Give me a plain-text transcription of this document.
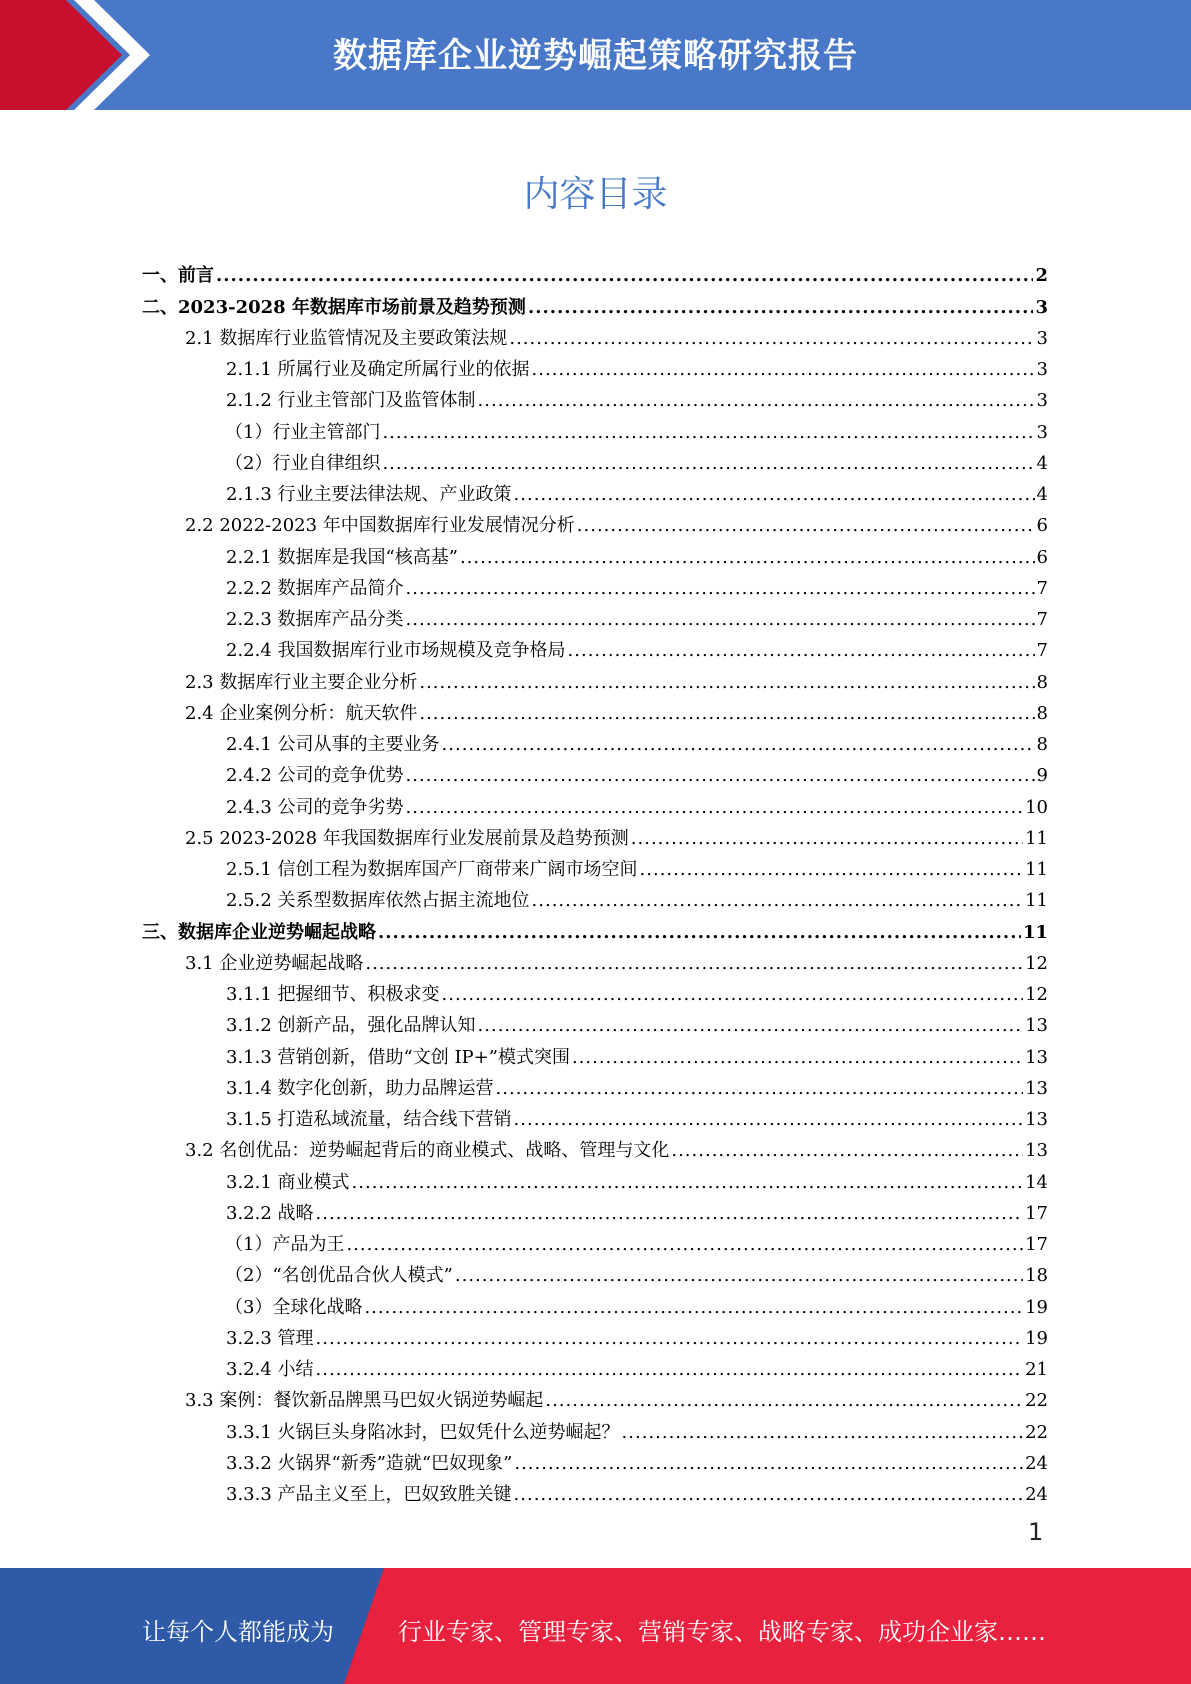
数据库企业逆势崛起策略研究报告
内容目录
一、前言 .....	2
二、2023-2028 年数据库市场前景及趋势预测 .....	3
2.1 数据库行业监管情况及主要政策法规 .....	3
2.1.1 所属行业及确定所属行业的依据 .....	3
2.1.2 行业主管部门及监管体制 .....	3
（1）行业主管部门 .....	3
（2）行业自律组织 .....	4
2.1.3 行业主要法律法规、产业政策 .....	4
2.2 2022-2023 年中国数据库行业发展情况分析 .....	6
2.2.1 数据库是我国“核高基” .....	6
2.2.2 数据库产品简介 .....	7
2.2.3 数据库产品分类 .....	7
2.2.4 我国数据库行业市场规模及竞争格局 .....	7
2.3 数据库行业主要企业分析 .....	8
2.4 企业案例分析：航天软件 .....	8
2.4.1 公司从事的主要业务 .....	8
2.4.2 公司的竞争优势 .....	9
2.4.3 公司的竞争劣势 .....	10
2.5 2023-2028 年我国数据库行业发展前景及趋势预测 .....	11
2.5.1 信创工程为数据库国产厂商带来广阔市场空间 .....	11
2.5.2 关系型数据库依然占据主流地位 .....	11
三、数据库企业逆势崛起战略 .....	11
3.1 企业逆势崛起战略 .....	12
3.1.1 把握细节、积极求变 .....	12
3.1.2 创新产品，强化品牌认知 .....	13
3.1.3 营销创新，借助“文创 IP+”模式突围 .....	13
3.1.4 数字化创新，助力品牌运营 .....	13
3.1.5 打造私域流量，结合线下营销 .....	13
3.2 名创优品：逆势崛起背后的商业模式、战略、管理与文化 .....	13
3.2.1 商业模式 .....	14
3.2.2 战略 .....	17
（1）产品为王 .....	17
（2）“名创优品合伙人模式” .....	18
（3）全球化战略 .....	19
3.2.3 管理 .....	19
3.2.4 小结 .....	21
3.3 案例：餐饮新品牌黑马巴奴火锅逆势崛起 .....	22
3.3.1 火锅巨头身陷冰封，巴奴凭什么逆势崛起？ .....	22
3.3.2 火锅界“新秀”造就“巴奴现象” .....	24
3.3.3 产品主义至上，巴奴致胜关键 .....	24
1
让每个人都能成为	行业专家、管理专家、营销专家、战略专家、成功企业家……
